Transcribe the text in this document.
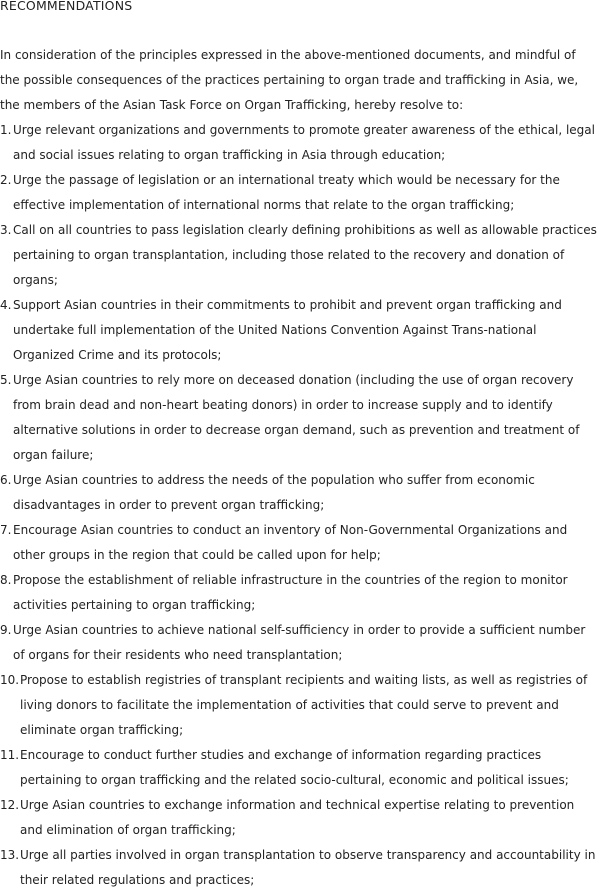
RECOMMENDATIONS

In consideration of the principles expressed in the above-mentioned documents, and mindful of the possible consequences of the practices pertaining to organ trade and trafficking in Asia, we, the members of the Asian Task Force on Organ Trafficking, hereby resolve to:

1. Urge relevant organizations and governments to promote greater awareness of the ethical, legal and social issues relating to organ trafficking in Asia through education;
2. Urge the passage of legislation or an international treaty which would be necessary for the effective implementation of international norms that relate to the organ trafficking;
3. Call on all countries to pass legislation clearly defining prohibitions as well as allowable practices pertaining to organ transplantation, including those related to the recovery and donation of organs;
4. Support Asian countries in their commitments to prohibit and prevent organ trafficking and undertake full implementation of the United Nations Convention Against Trans-national Organized Crime and its protocols;
5. Urge Asian countries to rely more on deceased donation (including the use of organ recovery from brain dead and non-heart beating donors) in order to increase supply and to identify alternative solutions in order to decrease organ demand, such as prevention and treatment of organ failure;
6. Urge Asian countries to address the needs of the population who suffer from economic disadvantages in order to prevent organ trafficking;
7. Encourage Asian countries to conduct an inventory of Non-Governmental Organizations and other groups in the region that could be called upon for help;
8. Propose the establishment of reliable infrastructure in the countries of the region to monitor activities pertaining to organ trafficking;
9. Urge Asian countries to achieve national self-sufficiency in order to provide a sufficient number of organs for their residents who need transplantation;
10. Propose to establish registries of transplant recipients and waiting lists, as well as registries of living donors to facilitate the implementation of activities that could serve to prevent and eliminate organ trafficking;
11. Encourage to conduct further studies and exchange of information regarding practices pertaining to organ trafficking and the related socio-cultural, economic and political issues;
12. Urge Asian countries to exchange information and technical expertise relating to prevention and elimination of organ trafficking;
13. Urge all parties involved in organ transplantation to observe transparency and accountability in their related regulations and practices;
